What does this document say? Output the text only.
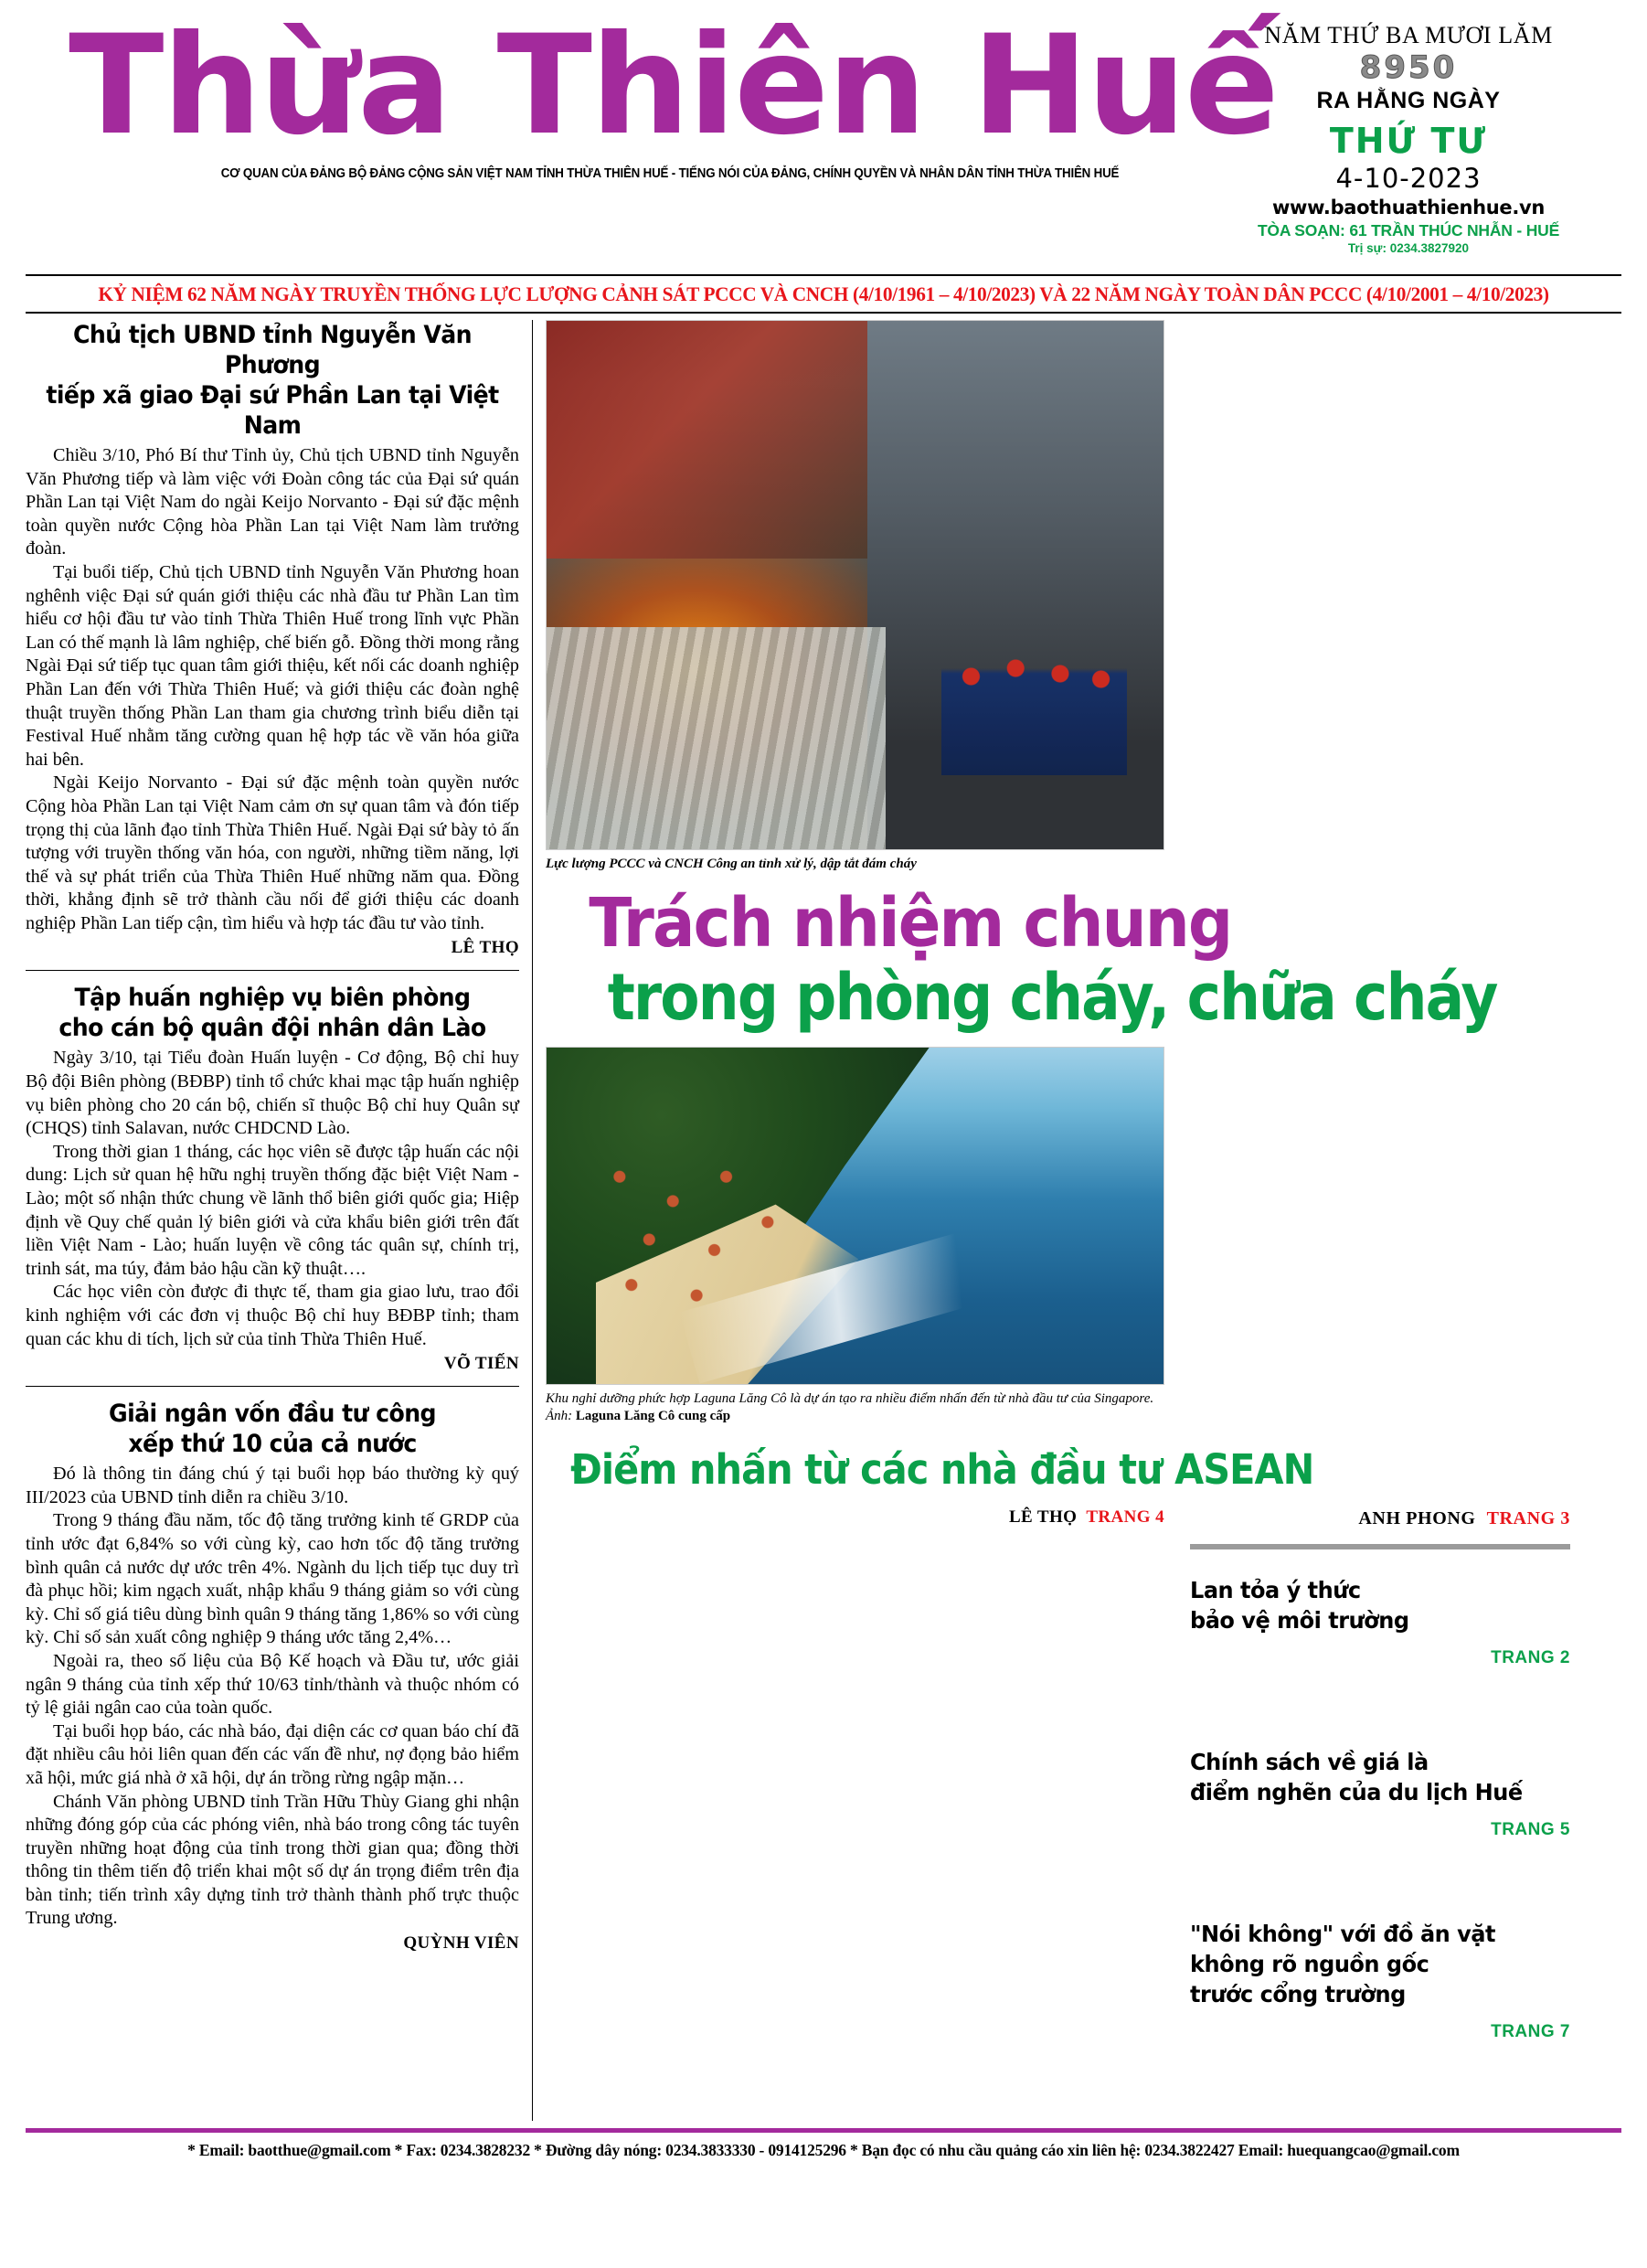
Thừa Thiên Huế
CƠ QUAN CỦA ĐẢNG BỘ ĐẢNG CỘNG SẢN VIỆT NAM TỈNH THỪA THIÊN HUẾ - TIẾNG NÓI CỦA ĐẢNG, CHÍNH QUYỀN VÀ NHÂN DÂN TỈNH THỪA THIÊN HUẾ
NĂM THỨ BA MƯƠI LĂM
8950
RA HẰNG NGÀY
THỨ TƯ
4-10-2023
www.baothuathienhue.vn
TÒA SOẠN: 61 TRẦN THÚC NHẪN - HUẾ
Trị sự: 0234.3827920
KỶ NIỆM 62 NĂM NGÀY TRUYỀN THỐNG LỰC LƯỢNG CẢNH SÁT PCCC VÀ CNCH (4/10/1961 – 4/10/2023) VÀ 22 NĂM NGÀY TOÀN DÂN PCCC (4/10/2001 – 4/10/2023)
Chủ tịch UBND tỉnh Nguyễn Văn Phương
tiếp xã giao Đại sứ Phần Lan tại Việt Nam

Chiều 3/10, Phó Bí thư Tỉnh ủy, Chủ tịch UBND tỉnh Nguyễn Văn Phương tiếp và làm việc với Đoàn công tác của Đại sứ quán Phần Lan tại Việt Nam do ngài Keijo Norvanto - Đại sứ đặc mệnh toàn quyền nước Cộng hòa Phần Lan tại Việt Nam làm trưởng đoàn.

Tại buổi tiếp, Chủ tịch UBND tỉnh Nguyễn Văn Phương hoan nghênh việc Đại sứ quán giới thiệu các nhà đầu tư Phần Lan tìm hiểu cơ hội đầu tư vào tỉnh Thừa Thiên Huế trong lĩnh vực Phần Lan có thế mạnh là lâm nghiệp, chế biến gỗ. Đồng thời mong rằng Ngài Đại sứ tiếp tục quan tâm giới thiệu, kết nối các doanh nghiệp Phần Lan đến với Thừa Thiên Huế; và giới thiệu các đoàn nghệ thuật truyền thống Phần Lan tham gia chương trình biểu diễn tại Festival Huế nhằm tăng cường quan hệ hợp tác về văn hóa giữa hai bên.

Ngài Keijo Norvanto - Đại sứ đặc mệnh toàn quyền nước Cộng hòa Phần Lan tại Việt Nam cảm ơn sự quan tâm và đón tiếp trọng thị của lãnh đạo tỉnh Thừa Thiên Huế. Ngài Đại sứ bày tỏ ấn tượng với truyền thống văn hóa, con người, những tiềm năng, lợi thế và sự phát triển của Thừa Thiên Huế những năm qua. Đồng thời, khẳng định sẽ trở thành cầu nối để giới thiệu các doanh nghiệp Phần Lan tiếp cận, tìm hiểu và hợp tác đầu tư vào tỉnh.

LÊ THỌ
Tập huấn nghiệp vụ biên phòng
cho cán bộ quân đội nhân dân Lào

Ngày 3/10, tại Tiểu đoàn Huấn luyện - Cơ động, Bộ chỉ huy Bộ đội Biên phòng (BĐBP) tỉnh tổ chức khai mạc tập huấn nghiệp vụ biên phòng cho 20 cán bộ, chiến sĩ thuộc Bộ chỉ huy Quân sự (CHQS) tỉnh Salavan, nước CHDCND Lào.

Trong thời gian 1 tháng, các học viên sẽ được tập huấn các nội dung: Lịch sử quan hệ hữu nghị truyền thống đặc biệt Việt Nam - Lào; một số nhận thức chung về lãnh thổ biên giới quốc gia; Hiệp định về Quy chế quản lý biên giới và cửa khẩu biên giới trên đất liền Việt Nam - Lào; huấn luyện về công tác quân sự, chính trị, trinh sát, ma túy, đảm bảo hậu cần kỹ thuật….

Các học viên còn được đi thực tế, tham gia giao lưu, trao đổi kinh nghiệm với các đơn vị thuộc Bộ chỉ huy BĐBP tỉnh; tham quan các khu di tích, lịch sử của tỉnh Thừa Thiên Huế.

VÕ TIẾN
Giải ngân vốn đầu tư công
xếp thứ 10 của cả nước

Đó là thông tin đáng chú ý tại buổi họp báo thường kỳ quý III/2023 của UBND tỉnh diễn ra chiều 3/10.

Trong 9 tháng đầu năm, tốc độ tăng trưởng kinh tế GRDP của tỉnh ước đạt 6,84% so với cùng kỳ, cao hơn tốc độ tăng trưởng bình quân cả nước dự ước trên 4%. Ngành du lịch tiếp tục duy trì đà phục hồi; kim ngạch xuất, nhập khẩu 9 tháng giảm so với cùng kỳ. Chỉ số giá tiêu dùng bình quân 9 tháng tăng 1,86% so với cùng kỳ. Chỉ số sản xuất công nghiệp 9 tháng ước tăng 2,4%…

Ngoài ra, theo số liệu của Bộ Kế hoạch và Đầu tư, ước giải ngân 9 tháng của tỉnh xếp thứ 10/63 tỉnh/thành và thuộc nhóm có tỷ lệ giải ngân cao của toàn quốc.

Tại buổi họp báo, các nhà báo, đại diện các cơ quan báo chí đã đặt nhiều câu hỏi liên quan đến các vấn đề như, nợ đọng bảo hiểm xã hội, mức giá nhà ở xã hội, dự án trồng rừng ngập mặn…

Chánh Văn phòng UBND tỉnh Trần Hữu Thùy Giang ghi nhận những đóng góp của các phóng viên, nhà báo trong công tác tuyên truyền những hoạt động của tỉnh trong thời gian qua; đồng thời thông tin thêm tiến độ triển khai một số dự án trọng điểm trên địa bàn tỉnh; tiến trình xây dựng tỉnh trở thành thành phố trực thuộc Trung ương.

QUỲNH VIÊN
Lực lượng PCCC và CNCH Công an tỉnh xử lý, dập tắt đám cháy
Trách nhiệm chung
trong phòng cháy, chữa cháy
Khu nghỉ dưỡng phức hợp Laguna Lăng Cô là dự án tạo ra nhiều điểm nhấn đến từ nhà đầu tư của Singapore. Ảnh: Laguna Lăng Cô cung cấp
Điểm nhấn từ các nhà đầu tư ASEAN
LÊ THỌ TRANG 4	ANH PHONG TRANG 3
Lan tỏa ý thức
bảo vệ môi trường
TRANG 2
Chính sách về giá là
điểm nghẽn của du lịch Huế
TRANG 5
"Nói không" với đồ ăn vặt
không rõ nguồn gốc
trước cổng trường
TRANG 7
* Email: baotthue@gmail.com * Fax: 0234.3828232 * Đường dây nóng: 0234.3833330 - 0914125296 * Bạn đọc có nhu cầu quảng cáo xin liên hệ: 0234.3822427 Email: huequangcao@gmail.com
